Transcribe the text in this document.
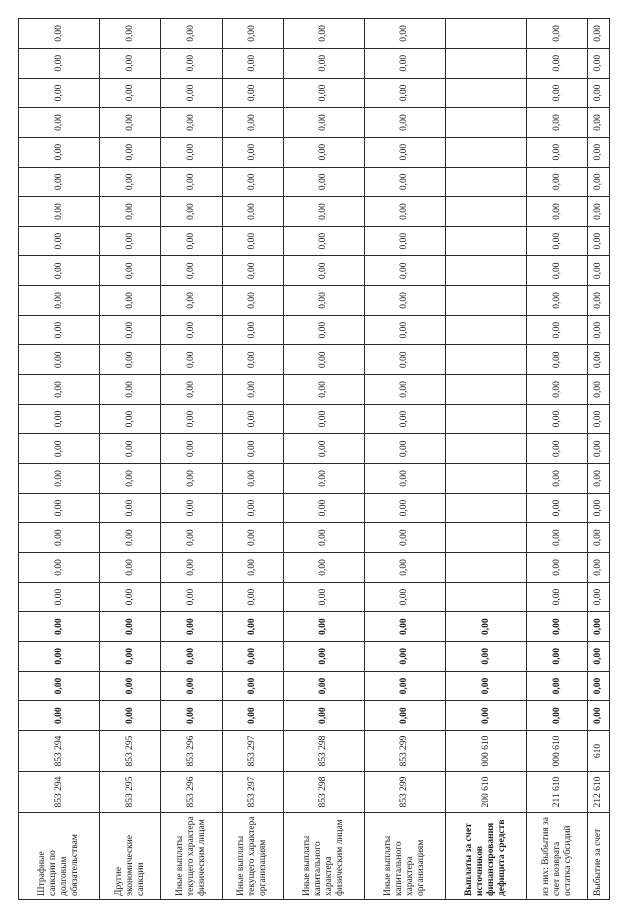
Штрафные санкции по долговым обязательствам	853 294	853 294	0,00	0,00	0,00	0,00	0,00	0,00	0,00	0,00	0,00	0,00	0,00	0,00	0,00	0,00	0,00	0,00	0,00	0,00	0,00	0,00	0,00	0,00	0,00	0,00
Другие экономические санкции	853 295	853 295	0,00	0,00	0,00	0,00	0,00	0,00	0,00	0,00	0,00	0,00	0,00	0,00	0,00	0,00	0,00	0,00	0,00	0,00	0,00	0,00	0,00	0,00	0,00	0,00
Иные выплаты текущего характера физическим лицам	853 296	853 296	0,00	0,00	0,00	0,00	0,00	0,00	0,00	0,00	0,00	0,00	0,00	0,00	0,00	0,00	0,00	0,00	0,00	0,00	0,00	0,00	0,00	0,00	0,00	0,00
Иные выплаты текущего характера организациям	853 297	853 297	0,00	0,00	0,00	0,00	0,00	0,00	0,00	0,00	0,00	0,00	0,00	0,00	0,00	0,00	0,00	0,00	0,00	0,00	0,00	0,00	0,00	0,00	0,00	0,00
Иные выплаты капитального характера физическим лицам	853 298	853 298	0,00	0,00	0,00	0,00	0,00	0,00	0,00	0,00	0,00	0,00	0,00	0,00	0,00	0,00	0,00	0,00	0,00	0,00	0,00	0,00	0,00	0,00	0,00	0,00
Иные выплаты капитального характера организациям	853 299	853 299	0,00	0,00	0,00	0,00	0,00	0,00	0,00	0,00	0,00	0,00	0,00	0,00	0,00	0,00	0,00	0,00	0,00	0,00	0,00	0,00	0,00	0,00	0,00	0,00
Выплаты за счет источников финансирования дефицита средств	200 610	000 610	0,00	0,00	0,00	0,00																				
из них: Выбытия за счет возврата остатка субсидий	211 610	000 610	0,00	0,00	0,00	0,00	0,00	0,00	0,00	0,00	0,00	0,00	0,00	0,00	0,00	0,00	0,00	0,00	0,00	0,00	0,00	0,00	0,00	0,00	0,00	0,00
Выбытие за счет	212 610	610	0,00	0,00	0,00	0,00	0,00	0,00	0,00	0,00	0,00	0,00	0,00	0,00	0,00	0,00	0,00	0,00	0,00	0,00	0,00	0,00	0,00	0,00	0,00	0,00
